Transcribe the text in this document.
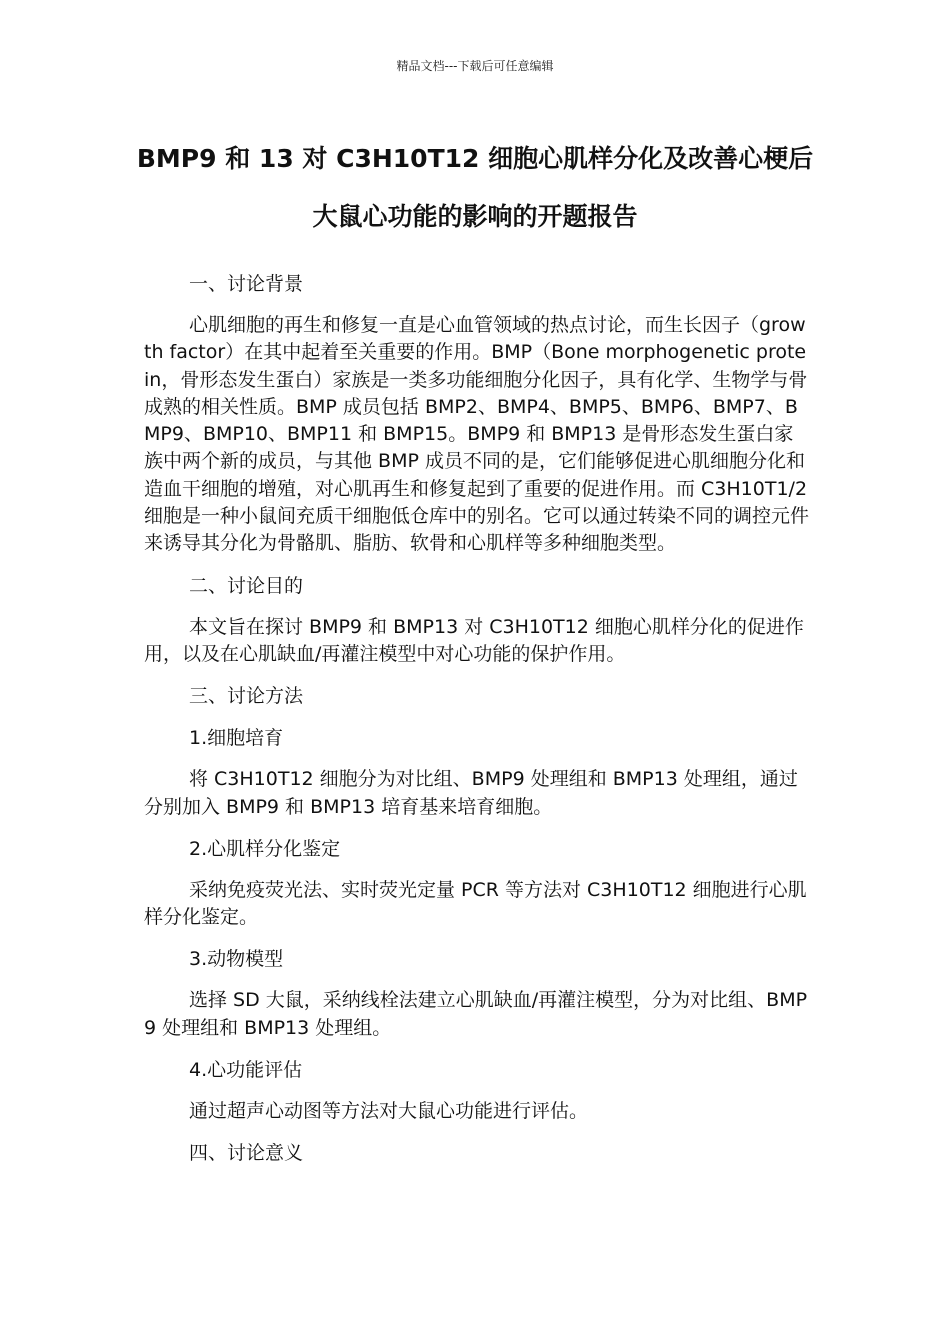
精品文档---下载后可任意编辑
BMP9 和 13 对 C3H10T12 细胞心肌样分化及改善心梗后大鼠心功能的影响的开题报告

一、讨论背景

心肌细胞的再生和修复一直是心血管领域的热点讨论，而生长因子（growth factor）在其中起着至关重要的作用。BMP（Bone morphogenetic protein，骨形态发生蛋白）家族是一类多功能细胞分化因子，具有化学、生物学与骨成熟的相关性质。BMP 成员包括 BMP2、BMP4、BMP5、BMP6、BMP7、BMP9、BMP10、BMP11 和 BMP15。BMP9 和 BMP13 是骨形态发生蛋白家族中两个新的成员，与其他 BMP 成员不同的是，它们能够促进心肌细胞分化和造血干细胞的增殖，对心肌再生和修复起到了重要的促进作用。而 C3H10T1/2 细胞是一种小鼠间充质干细胞低仓库中的别名。它可以通过转染不同的调控元件来诱导其分化为骨骼肌、脂肪、软骨和心肌样等多种细胞类型。

二、讨论目的

本文旨在探讨 BMP9 和 BMP13 对 C3H10T12 细胞心肌样分化的促进作用，以及在心肌缺血/再灌注模型中对心功能的保护作用。

三、讨论方法

1.细胞培育

将 C3H10T12 细胞分为对比组、BMP9 处理组和 BMP13 处理组，通过分别加入 BMP9 和 BMP13 培育基来培育细胞。

2.心肌样分化鉴定

采纳免疫荧光法、实时荧光定量 PCR 等方法对 C3H10T12 细胞进行心肌样分化鉴定。

3.动物模型

选择 SD 大鼠，采纳线栓法建立心肌缺血/再灌注模型，分为对比组、BMP9 处理组和 BMP13 处理组。

4.心功能评估

通过超声心动图等方法对大鼠心功能进行评估。

四、讨论意义
